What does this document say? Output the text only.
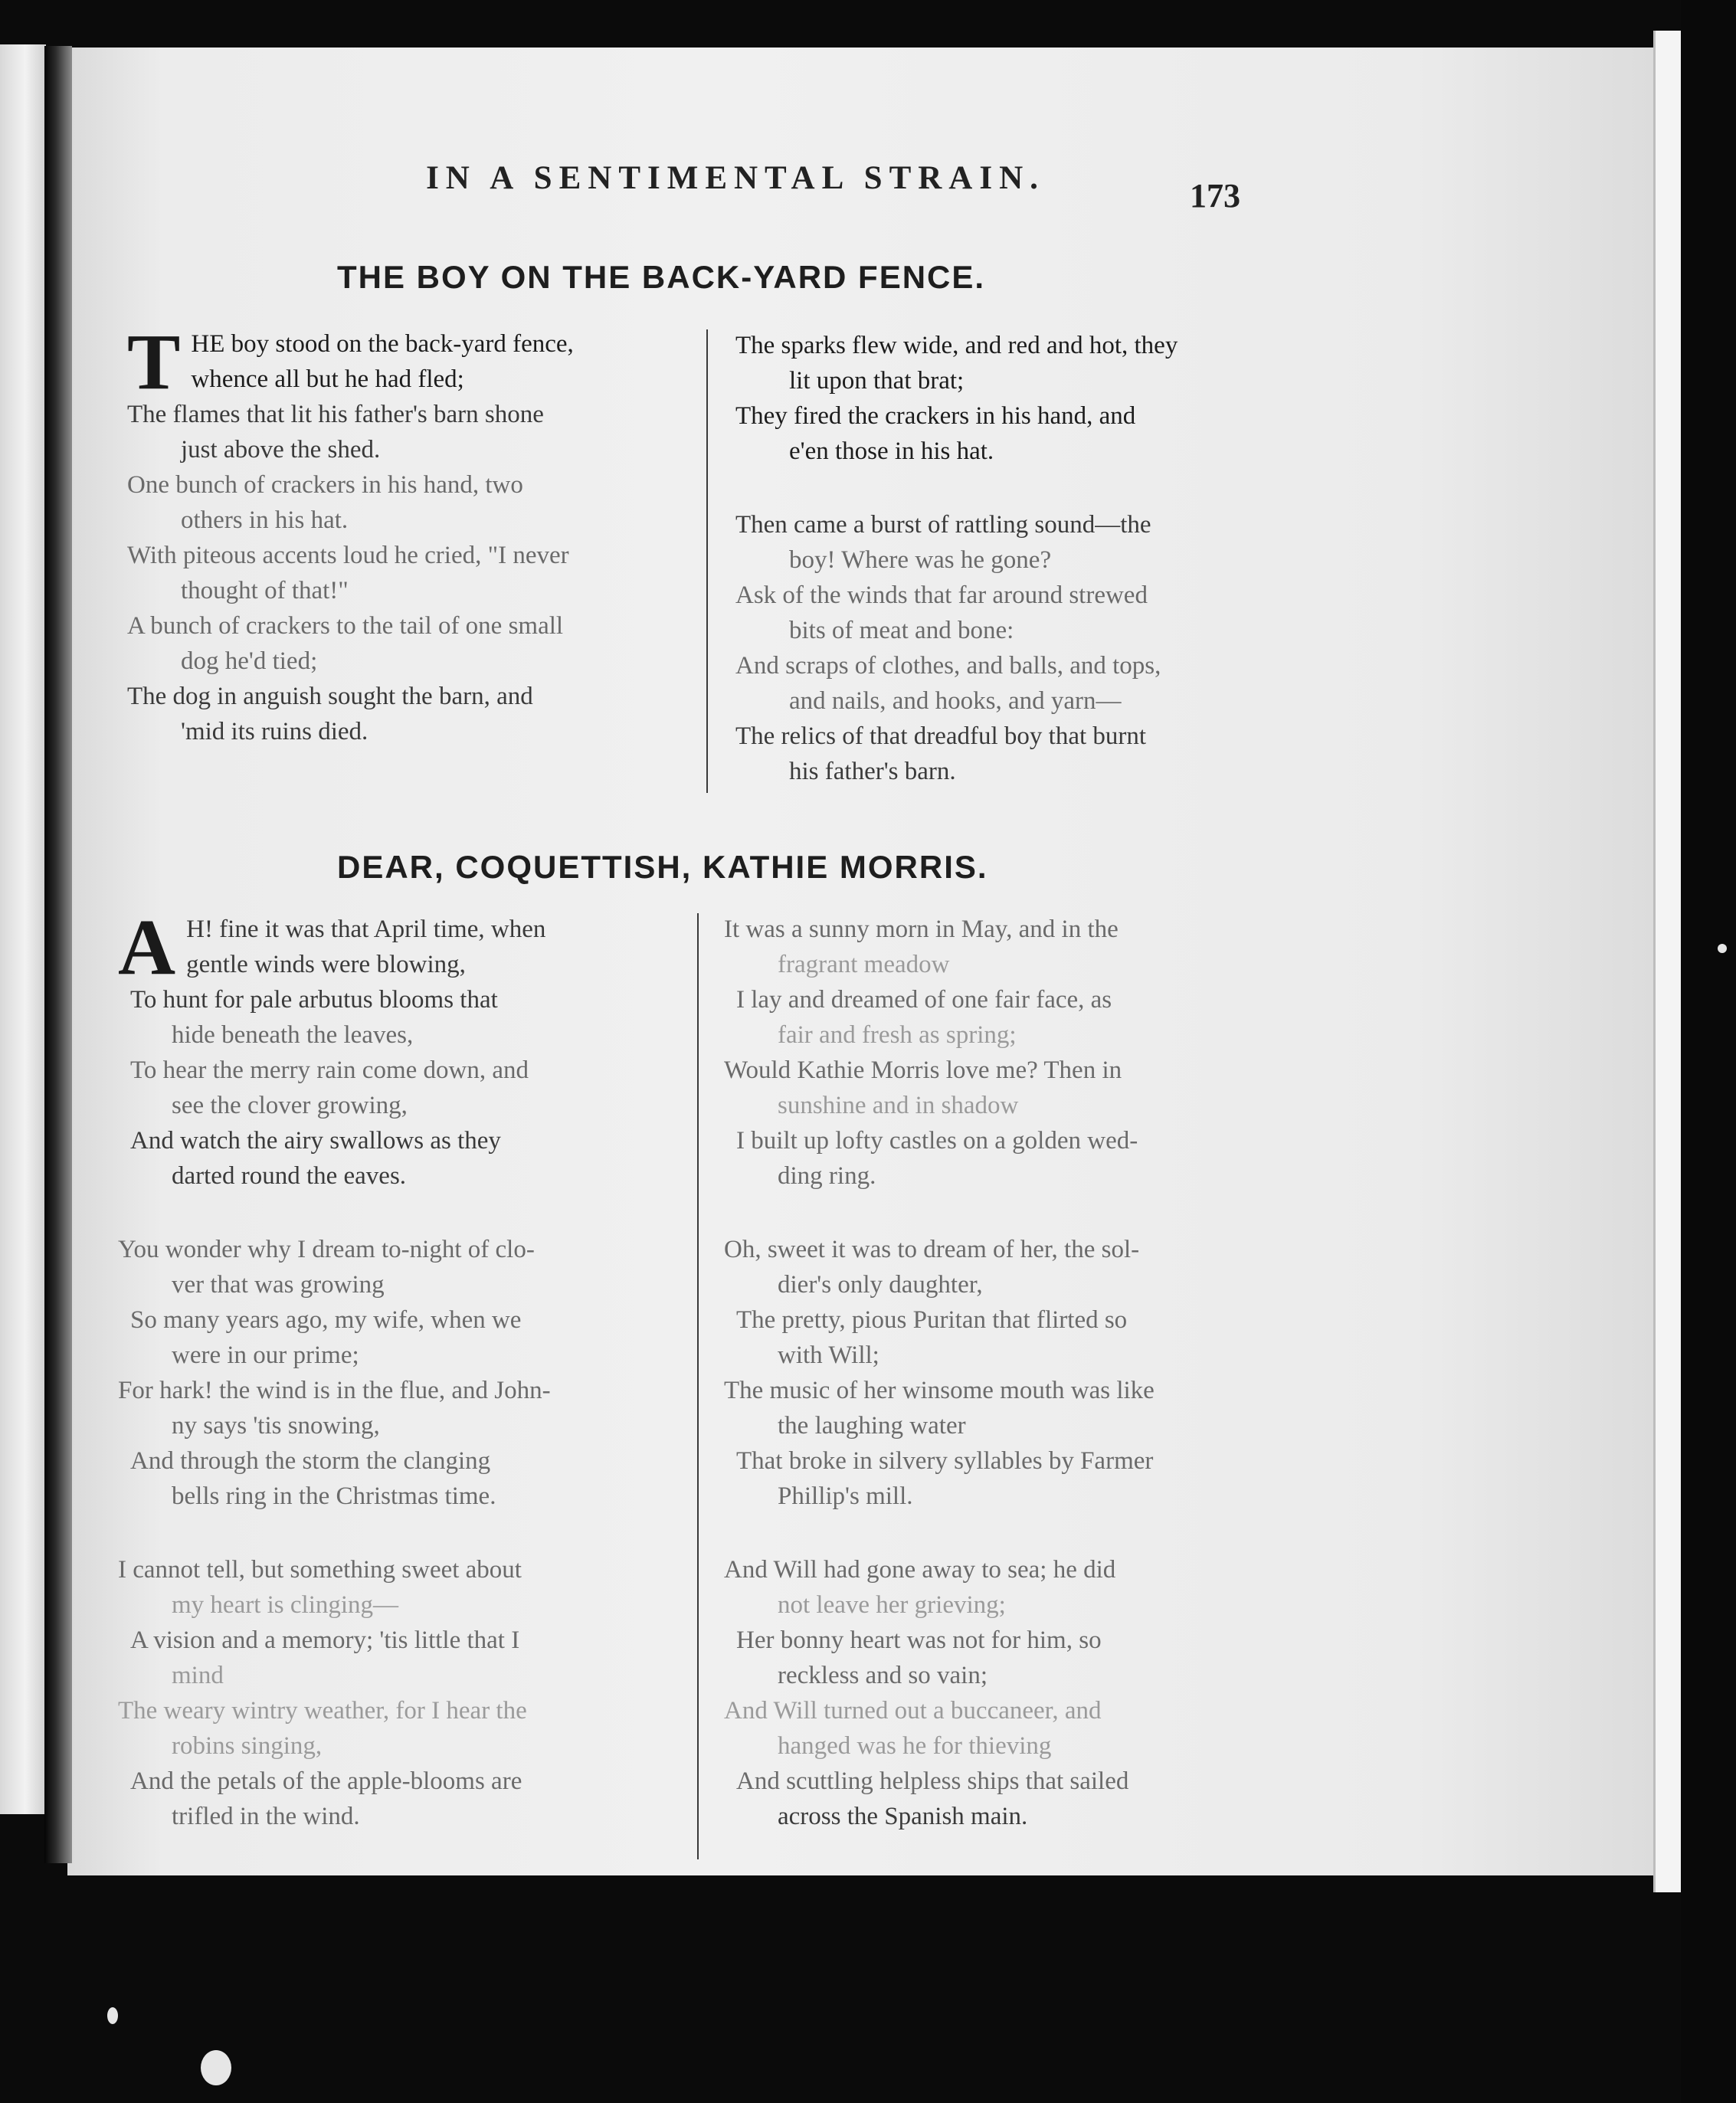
IN A SENTIMENTAL STRAIN.	173
THE BOY ON THE BACK-YARD FENCE.
T HE boy stood on the back-yard fence,
whence all but he had fled;
The flames that lit his father's barn shone
just above the shed.
One bunch of crackers in his hand, two
others in his hat.
With piteous accents loud he cried, "I never
thought of that!"
A bunch of crackers to the tail of one small
dog he'd tied;
The dog in anguish sought the barn, and
'mid its ruins died.
The sparks flew wide, and red and hot, they
lit upon that brat;
They fired the crackers in his hand, and
e'en those in his hat.
Then came a burst of rattling sound—the
boy! Where was he gone?
Ask of the winds that far around strewed
bits of meat and bone:
And scraps of clothes, and balls, and tops,
and nails, and hooks, and yarn—
The relics of that dreadful boy that burnt
his father's barn.
DEAR, COQUETTISH, KATHIE MORRIS.
A H! fine it was that April time, when
gentle winds were blowing,
To hunt for pale arbutus blooms that
hide beneath the leaves,
To hear the merry rain come down, and
see the clover growing,
And watch the airy swallows as they
darted round the eaves.
You wonder why I dream to-night of clo-
ver that was growing
So many years ago, my wife, when we
were in our prime;
For hark! the wind is in the flue, and John-
ny says 'tis snowing,
And through the storm the clanging
bells ring in the Christmas time.
I cannot tell, but something sweet about
my heart is clinging—
A vision and a memory; 'tis little that I
mind
The weary wintry weather, for I hear the
robins singing,
And the petals of the apple-blooms are
trifled in the wind.
It was a sunny morn in May, and in the
fragrant meadow
I lay and dreamed of one fair face, as
fair and fresh as spring;
Would Kathie Morris love me? Then in
sunshine and in shadow
I built up lofty castles on a golden wed-
ding ring.
Oh, sweet it was to dream of her, the sol-
dier's only daughter,
The pretty, pious Puritan that flirted so
with Will;
The music of her winsome mouth was like
the laughing water
That broke in silvery syllables by Farmer
Phillip's mill.
And Will had gone away to sea; he did
not leave her grieving;
Her bonny heart was not for him, so
reckless and so vain;
And Will turned out a buccaneer, and
hanged was he for thieving
And scuttling helpless ships that sailed
across the Spanish main.
